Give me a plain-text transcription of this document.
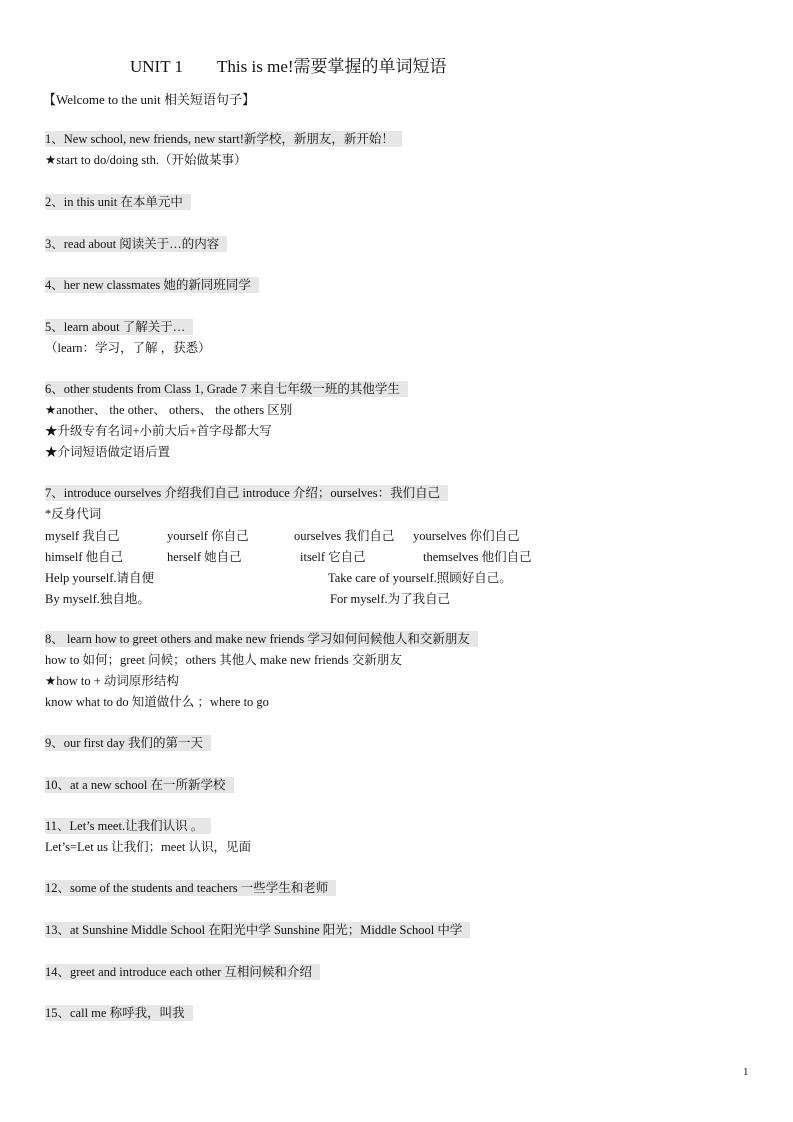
UNIT 1 This is me!需要掌握的单词短语
【Welcome to the unit 相关短语句子】
1、New school, new friends, new start!新学校，新朋友，新开始！
★start to do/doing sth.（开始做某事）
2、in this unit 在本单元中
3、read about 阅读关于…的内容
4、her new classmates 她的新同班同学
5、learn about 了解关于…
（learn：学习，了解 ，获悉）
6、other students from Class 1, Grade 7 来自七年级一班的其他学生
★another、 the other、 others、 the others 区别
★升级专有名词+小前大后+首字母都大写
★介词短语做定语后置
7、introduce ourselves 介绍我们自己 introduce 介绍；ourselves：我们自己
*反身代词
myself 我自己	yourself 你自己	ourselves 我们自己 yourselves 你们自己
himself 他自己	herself 她自己	itself 它自己	themselves 他们自己
Help yourself.请自便	Take care of yourself.照顾好自己。
By myself.独自地。	For myself.为了我自己
8、 learn how to greet others and make new friends 学习如何问候他人和交新朋友
how to 如何；greet 问候；others 其他人 make new friends 交新朋友
★how to + 动词原形结构
know what to do 知道做什么 ；where to go
9、our first day 我们的第一天
10、at a new school 在一所新学校
11、Let’s meet.让我们认识 。
Let’s=Let us 让我们；meet 认识，见面
12、some of the students and teachers 一些学生和老师
13、at Sunshine Middle School 在阳光中学 Sunshine 阳光；Middle School 中学
14、greet and introduce each other 互相问候和介绍
15、call me 称呼我，叫我
1
